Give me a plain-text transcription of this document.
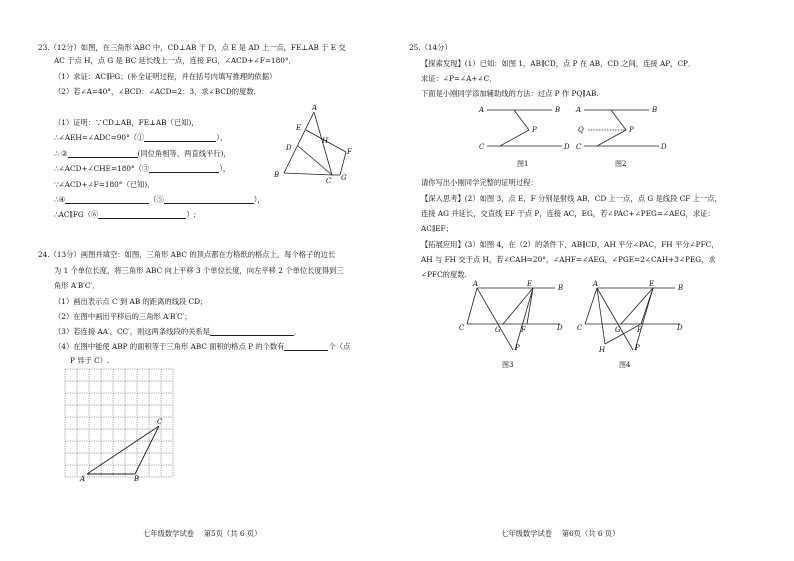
23.（12分）如图，在三角形 ABC 中，CD⊥AB 于 D，点 E 是 AD 上一点，FE⊥AB 于 E 交
AC 于点 H，点 G 是 BC 延长线上一点，连接 FG，∠ACD+∠F=180°．
（1）求证：AC∥FG；(补全证明过程，并在括号内填写推理的依据）
（2）若∠A=40°，∠BCD：∠ACD=2：3，求∠BCD的度数.
（1）证明：∵CD⊥AB，FE⊥AB（已知)，
∴∠AEH=∠ADC=90°（①	），
∴ ②	(同位角相等，两直线平行)，
∴∠ACD+∠CHE=180°（③	），
∵∠ACD+∠F=180°（已知)，
∴④	（⑤	），
∴AC∥FG（⑥	）;
A
E
H
D	F
B
C G
24.（13分）画图并填空：如图，三角形 ABC 的顶点都在方格纸的格点上，每个格子的边长
为 1 个单位长度，将三角形 ABC 向上平移 3 个单位长度，向左平移 2 个单位长度得到三
角形 A′B′C′．
（1）画出表示点 C 到 AB 的距离的线段 CD；
（2）在图中画出平移后的三角形 A′B′C′；
（3）若连接 AA′，CC′，则这两条线段的关系是	．
（4）在图中能使 ABP 的面积等于三角形 ABC 面积的格点 P 的个数有	个（点
P 异于 C）.
A	B
C
七年级数学试卷　 第5页（共 6 页）
25.（14分）
【探索发现】(1）已知：如图 1，AB∥CD，点 P 在 AB，CD 之间，连接 AP，CP．
求证：∠P=∠A+∠C．
下面是小刚同学添加辅助线的方法：过点 P 作 PQ∥AB.
A	B
P
C	D
图1
A	B
Q	P
C	D
图2
请你写出小刚同学完整的证明过程：
【深入思考】(2）如图 3，点 E，F 分别是射线 AB，CD 上一点，点 G 是线段 CF 上一点，
连接 AG 并延长，交直线 EF 于点 P，连接 AC，EG，若∠PAC+∠PEG=∠AEG，求证：
AC∥EF；
【拓展应用】(3）如图 4，在（2）的条件下，AB∥CD，AH 平分∠PAC，FH 平分∠PFC，
AH 与 FH 交于点 H，若∠CAH=20°，∠AHF=∠AEG，∠PGE=2∠CAH+3∠PEG，求
∠PFC的度数.
A	E	B
C	G	F	D
P
图3
A	E	B
C	G F	D
H	P
图4
七年级数学试卷　 第6页（共 6 页）
